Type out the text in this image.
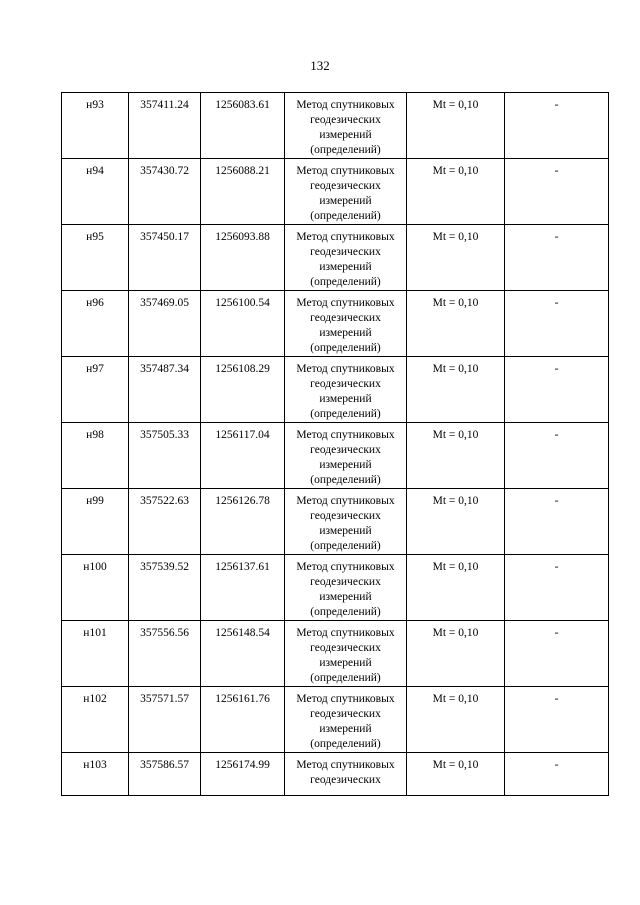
132
н93	357411.24	1256083.61	Метод спутниковых
геодезических
измерений
(определений)	Mt = 0,10	-
н94	357430.72	1256088.21	Метод спутниковых
геодезических
измерений
(определений)	Mt = 0,10	-
н95	357450.17	1256093.88	Метод спутниковых
геодезических
измерений
(определений)	Mt = 0,10	-
н96	357469.05	1256100.54	Метод спутниковых
геодезических
измерений
(определений)	Mt = 0,10	-
н97	357487.34	1256108.29	Метод спутниковых
геодезических
измерений
(определений)	Mt = 0,10	-
н98	357505.33	1256117.04	Метод спутниковых
геодезических
измерений
(определений)	Mt = 0,10	-
н99	357522.63	1256126.78	Метод спутниковых
геодезических
измерений
(определений)	Mt = 0,10	-
н100	357539.52	1256137.61	Метод спутниковых
геодезических
измерений
(определений)	Mt = 0,10	-
н101	357556.56	1256148.54	Метод спутниковых
геодезических
измерений
(определений)	Mt = 0,10	-
н102	357571.57	1256161.76	Метод спутниковых
геодезических
измерений
(определений)	Mt = 0,10	-
н103	357586.57	1256174.99	Метод спутниковых
геодезических	Mt = 0,10	-
